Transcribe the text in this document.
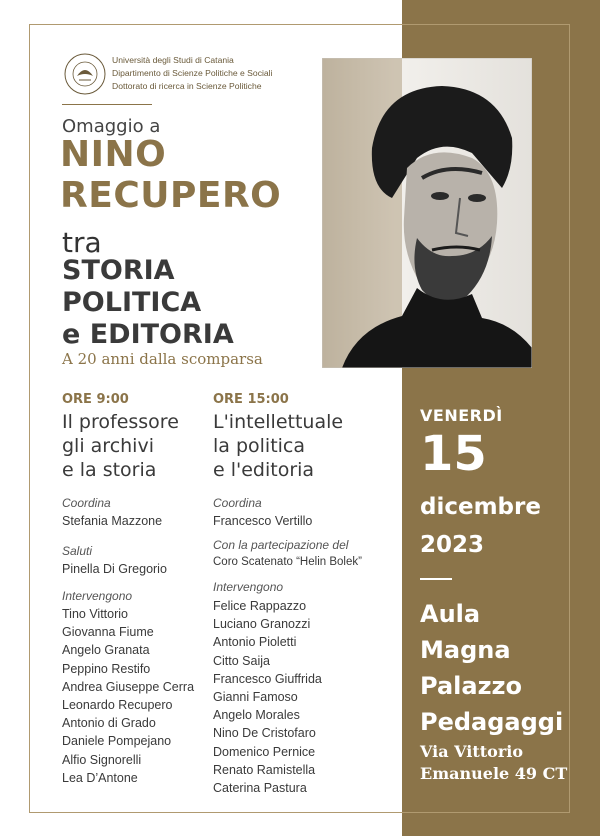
Università degli Studi di Catania
Dipartimento di Scienze Politiche e Sociali
Dottorato di ricerca in Scienze Politiche
Omaggio a
NINO
RECUPERO
tra
STORIA
POLITICA
e EDITORIA
A 20 anni dalla scomparsa
ORE 9:00
Il professore
gli archivi
e la storia
Coordina
Stefania Mazzone
Saluti
Pinella Di Gregorio
Intervengono
Tino Vittorio
Giovanna Fiume
Angelo Granata
Peppino Restifo
Andrea Giuseppe Cerra
Leonardo Recupero
Antonio di Grado
Daniele Pompejano
Alfio Signorelli
Lea D’Antone
ORE 15:00
L'intellettuale
la politica
e l'editoria
Coordina
Francesco Vertillo
Con la partecipazione del
Coro Scatenato “Helin Bolek”
Intervengono
Felice Rappazzo
Luciano Granozzi
Antonio Pioletti
Citto Saija
Francesco Giuffrida
Gianni Famoso
Angelo Morales
Nino De Cristofaro
Domenico Pernice
Renato Ramistella
Caterina Pastura
VENERDÌ
15
dicembre
2023
Aula
Magna
Palazzo
Pedagaggi
Via Vittorio
Emanuele 49 CT
